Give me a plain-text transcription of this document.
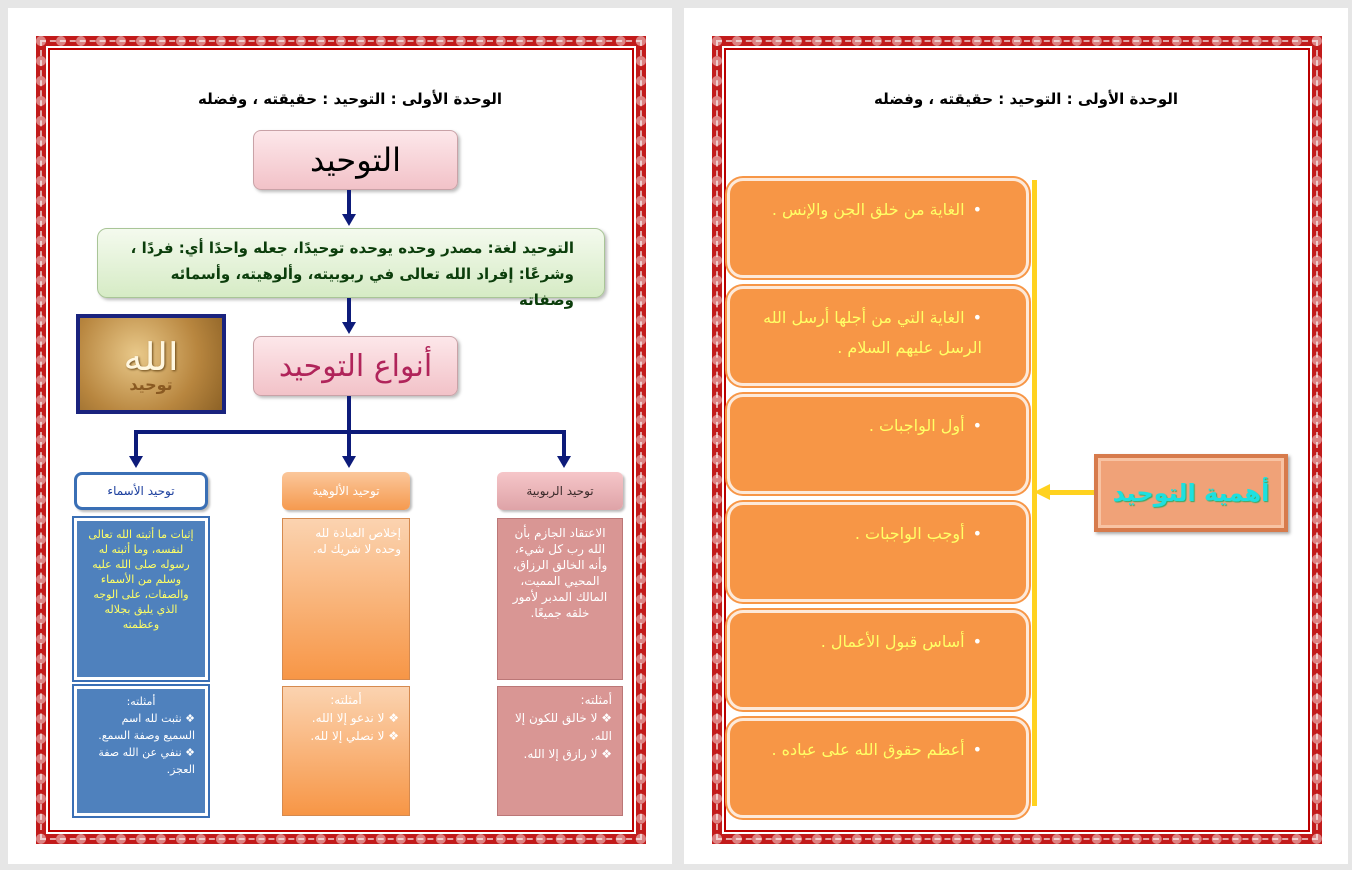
الوحدة الأولى : التوحيد : حقيقته ، وفضله
التوحيد
التوحيد لغة: مصدر وحده يوحده توحيدًا، جعله واحدًا أي: فردًا ،
وشرعًا: إفراد الله تعالى في ربوبيته، وألوهيته، وأسمائه وصفاته
الله
توحيد
أنواع التوحيد
توحيد الربوبية
توحيد الألوهية
توحيد الأسماء
الاعتقاد الجازم بأن الله رب كل شيء، وأنه الخالق الرزاق، المحيي المميت، المالك المدبر لأمور خلقه جميعًا.
إخلاص العبادة لله وحده لا شريك له.
إثبات ما أثبته الله تعالى لنفسه، وما أثبته له رسوله صلى الله عليه وسلم من الأسماء والصفات، على الوجه الذي يليق بجلاله وعظمته
أمثلته:
❖ لا خالق للكون إلا الله.
❖ لا رازق إلا الله.
أمثلته:
❖ لا ندعو إلا الله.
❖ لا نصلي إلا لله.
أمثلته:
❖ نثبت لله اسم السميع وصفة السمع.
❖ ننفي عن الله صفة العجز.
الوحدة الأولى : التوحيد : حقيقته ، وفضله
•الغاية من خلق الجن والإنس .
•الغاية التي من أجلها أرسل الله الرسل عليهم السلام .
•أول الواجبات .
•أوجب الواجبات .
•أساس قبول الأعمال .
•أعظم حقوق الله على عباده .
أهمية التوحيد
